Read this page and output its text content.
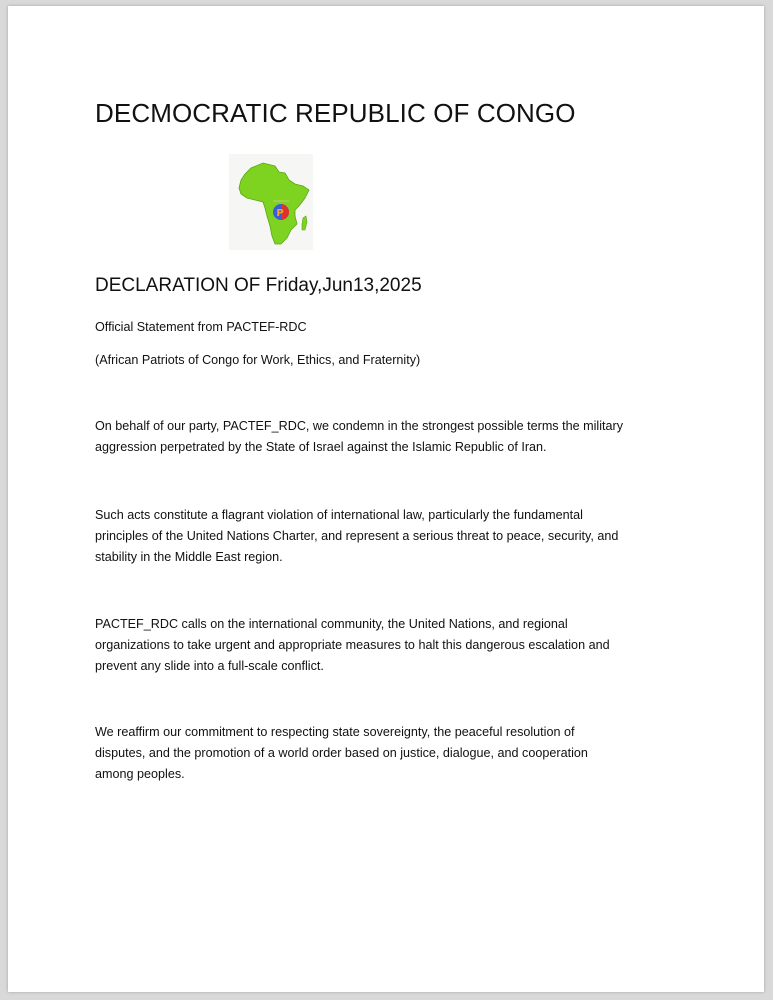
DECMOCRATIC REPUBLIC OF CONGO
P
DECLARATION OF Friday,Jun13,2025

Official Statement from PACTEF-RDC

(African Patriots of Congo for Work, Ethics, and Fraternity)

On behalf of our party, PACTEF_RDC, we condemn in the strongest possible terms the military
aggression perpetrated by the State of Israel against the Islamic Republic of Iran.

Such acts constitute a flagrant violation of international law, particularly the fundamental
principles of the United Nations Charter, and represent a serious threat to peace, security, and
stability in the Middle East region.

PACTEF_RDC calls on the international community, the United Nations, and regional
organizations to take urgent and appropriate measures to halt this dangerous escalation and
prevent any slide into a full-scale conflict.

We reaffirm our commitment to respecting state sovereignty, the peaceful resolution of
disputes, and the promotion of a world order based on justice, dialogue, and cooperation
among peoples.
